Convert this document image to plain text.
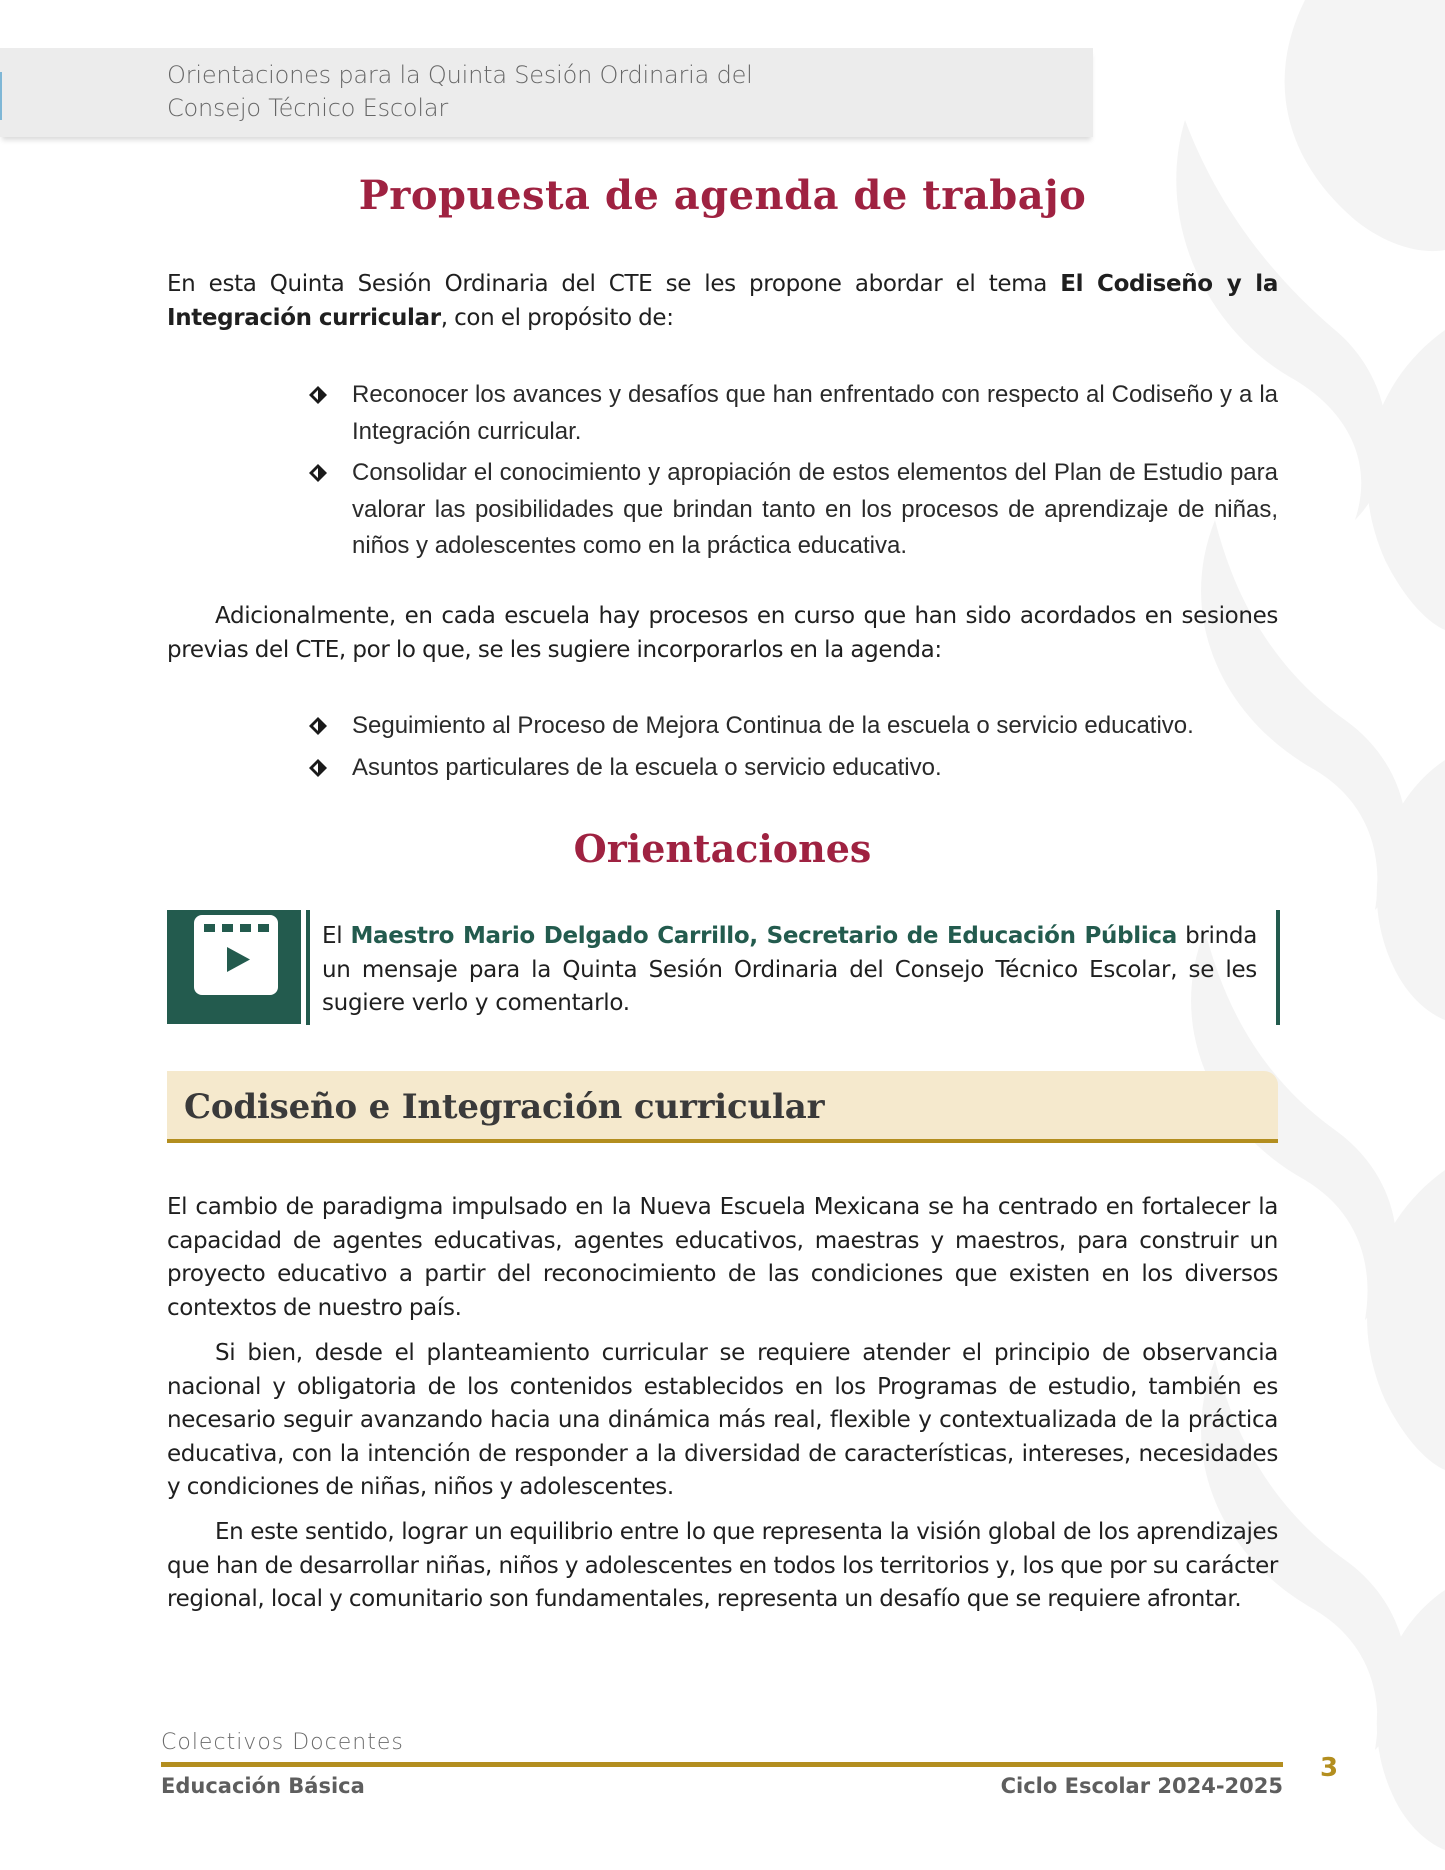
Orientaciones para la Quinta Sesión Ordinaria del
Consejo Técnico Escolar
Propuesta de agenda de trabajo

En esta Quinta Sesión Ordinaria del CTE se les propone abordar el tema El Codiseño y la Integración curricular, con el propósito de:

Reconocer los avances y desafíos que han enfrentado con respecto al Codiseño y a la Integración curricular.
Consolidar el conocimiento y apropiación de estos elementos del Plan de Estudio para valorar las posibilidades que brindan tanto en los procesos de aprendizaje de niñas, niños y adolescentes como en la práctica educativa.

Adicionalmente, en cada escuela hay procesos en curso que han sido acordados en sesiones previas del CTE, por lo que, se les sugiere incorporarlos en la agenda:

Seguimiento al Proceso de Mejora Continua de la escuela o servicio educativo.
Asuntos particulares de la escuela o servicio educativo.
Orientaciones

El Maestro Mario Delgado Carrillo, Secretario de Educación Pública brinda un mensaje para la Quinta Sesión Ordinaria del Consejo Técnico Escolar, se les sugiere verlo y comentarlo.

Codiseño e Integración curricular

El cambio de paradigma impulsado en la Nueva Escuela Mexicana se ha centrado en fortalecer la capacidad de agentes educativas, agentes educativos, maestras y maestros, para construir un proyecto educativo a partir del reconocimiento de las condiciones que existen en los diversos contextos de nuestro país.

Si bien, desde el planteamiento curricular se requiere atender el principio de observancia nacional y obligatoria de los contenidos establecidos en los Programas de estudio, también es necesario seguir avanzando hacia una dinámica más real, flexible y contextualizada de la práctica educativa, con la intención de responder a la diversidad de características, intereses, necesidades y condiciones de niñas, niños y adolescentes.

En este sentido, lograr un equilibrio entre lo que representa la visión global de los aprendizajes que han de desarrollar niñas, niños y adolescentes en todos los territorios y, los que por su carácter regional, local y comunitario son fundamentales, representa un desafío que se requiere afrontar.

Colectivos Docentes
Educación Básica	Ciclo Escolar 2024-2025
3
